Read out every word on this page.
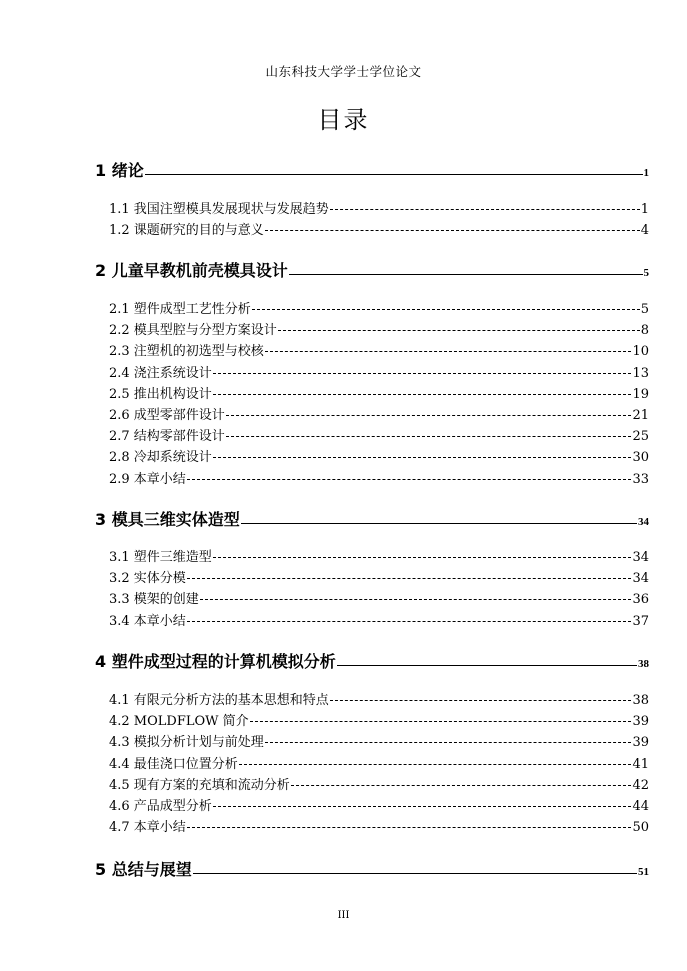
山东科技大学学士学位论文
目录
1 绪论	1
1.1 我国注塑模具发展现状与发展趋势	1
1.2 课题研究的目的与意义	4
2 儿童早教机前壳模具设计	5
2.1 塑件成型工艺性分析	5
2.2 模具型腔与分型方案设计	8
2.3 注塑机的初选型与校核	10
2.4 浇注系统设计	13
2.5 推出机构设计	19
2.6 成型零部件设计	21
2.7 结构零部件设计	25
2.8 冷却系统设计	30
2.9 本章小结	33
3 模具三维实体造型	34
3.1 塑件三维造型	34
3.2 实体分模	34
3.3 模架的创建	36
3.4 本章小结	37
4 塑件成型过程的计算机模拟分析	38
4.1 有限元分析方法的基本思想和特点	38
4.2 MOLDFLOW 简介	39
4.3 模拟分析计划与前处理	39
4.4 最佳浇口位置分析	41
4.5 现有方案的充填和流动分析	42
4.6 产品成型分析	44
4.7 本章小结	50
5 总结与展望	51
III
